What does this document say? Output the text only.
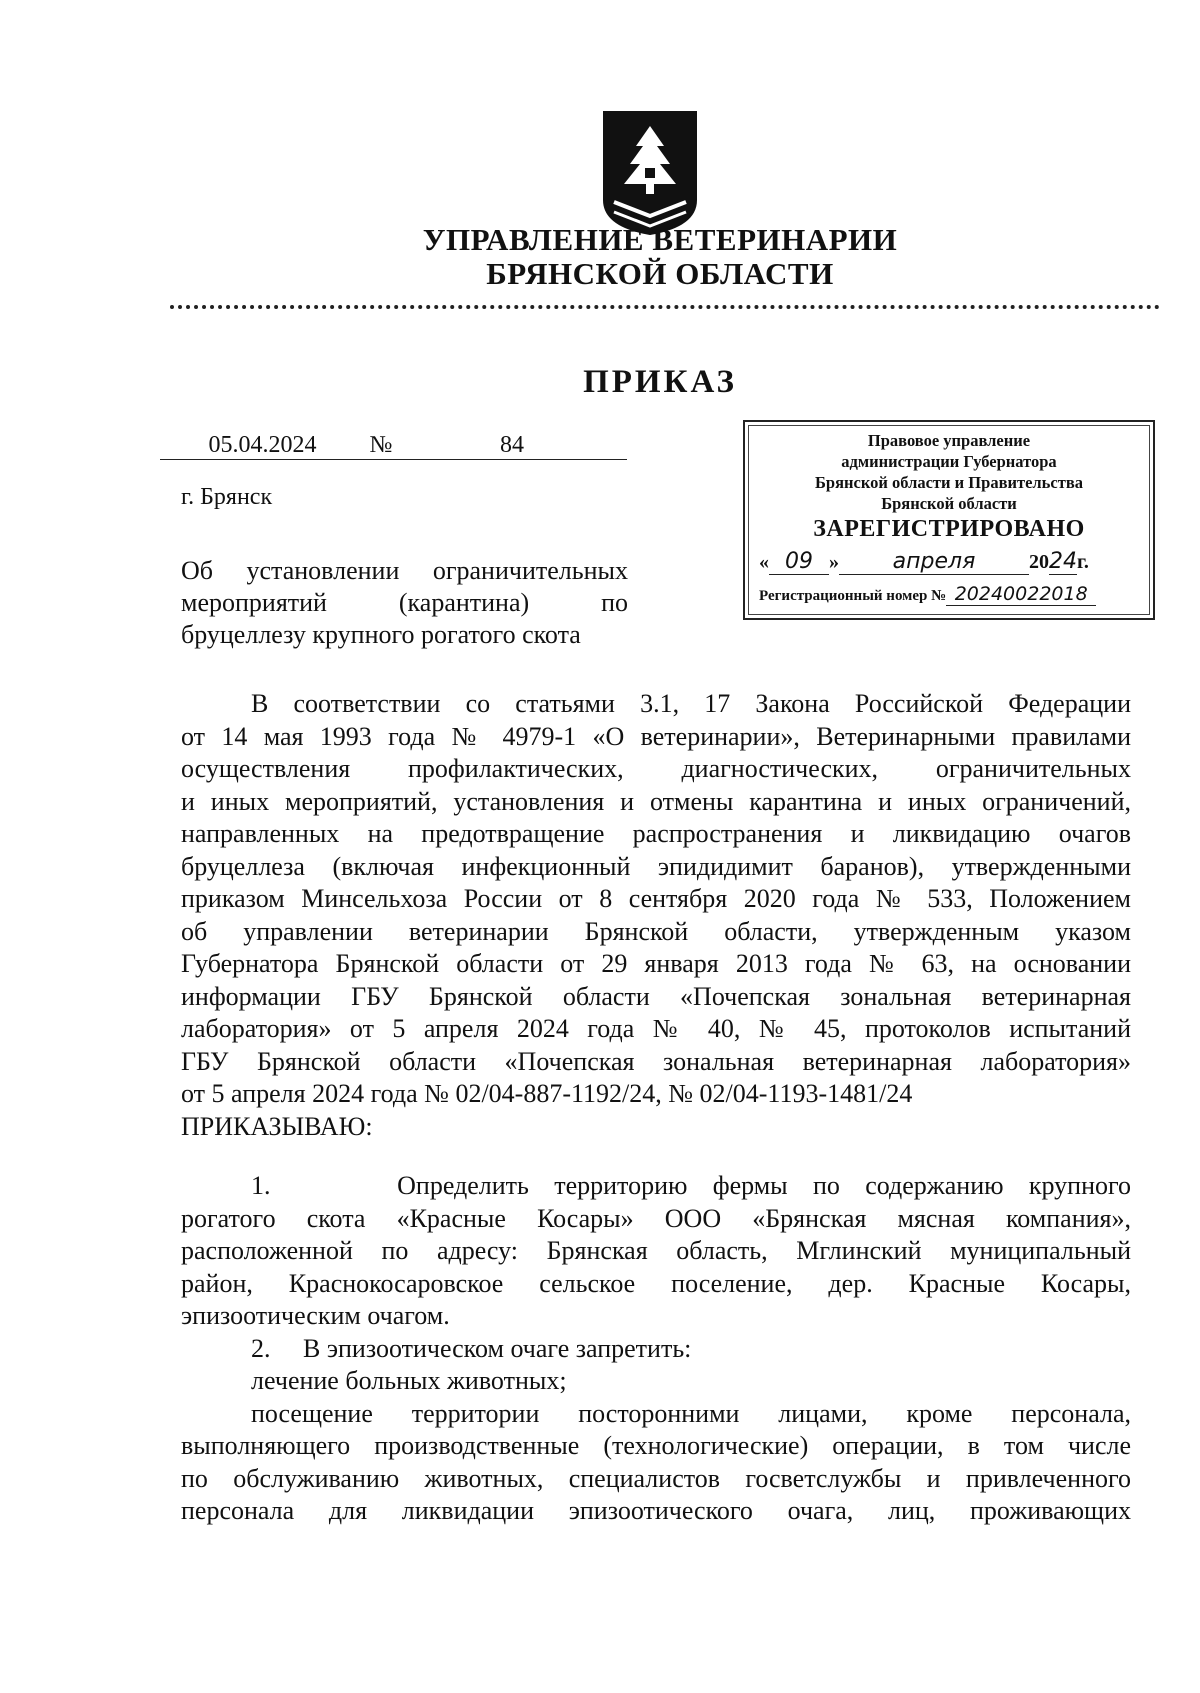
УПРАВЛЕНИЕ ВЕТЕРИНАРИИ
БРЯНСКОЙ ОБЛАСТИ
ПРИКАЗ
05.04.2024 №	84
г. Брянск
Об установлении ограничительных
мероприятий (карантина) по
бруцеллезу крупного рогатого скота
Правовое управление
администрации Губернатора
Брянской области и Правительства
Брянской области
ЗАРЕГИСТРИРОВАНО
« 09 » апреля	2024г.
Регистрационный номер № 20240022018
В соответствии со статьями 3.1, 17 Закона Российской Федерации
от 14 мая 1993 года № 4979-1 «О ветеринарии», Ветеринарными правилами
осуществления профилактических, диагностических, ограничительных
и иных мероприятий, установления и отмены карантина и иных ограничений,
направленных на предотвращение распространения и ликвидацию очагов
бруцеллеза (включая инфекционный эпидидимит баранов), утвержденными
приказом Минсельхоза России от 8 сентября 2020 года № 533, Положением
об управлении ветеринарии Брянской области, утвержденным указом
Губернатора Брянской области от 29 января 2013 года № 63, на основании
информации ГБУ Брянской области «Почепская зональная ветеринарная
лаборатория» от 5 апреля 2024 года № 40, № 45, протоколов испытаний
ГБУ Брянской области «Почепская зональная ветеринарная лаборатория»
от 5 апреля 2024 года № 02/04-887-1192/24, № 02/04-1193-1481/24
ПРИКАЗЫВАЮ:
1.     Определить территорию фермы по содержанию крупного
рогатого скота «Красные Косары» ООО «Брянская мясная компания»,
расположенной по адресу: Брянская область, Мглинский муниципальный
район, Краснокосаровское сельское поселение, дер. Красные Косары,
эпизоотическим очагом.
2.     В эпизоотическом очаге запретить:
лечение больных животных;
посещение территории посторонними лицами, кроме персонала,
выполняющего производственные (технологические) операции, в том числе
по обслуживанию животных, специалистов госветслужбы и привлеченного
персонала для ликвидации эпизоотического очага, лиц, проживающих
